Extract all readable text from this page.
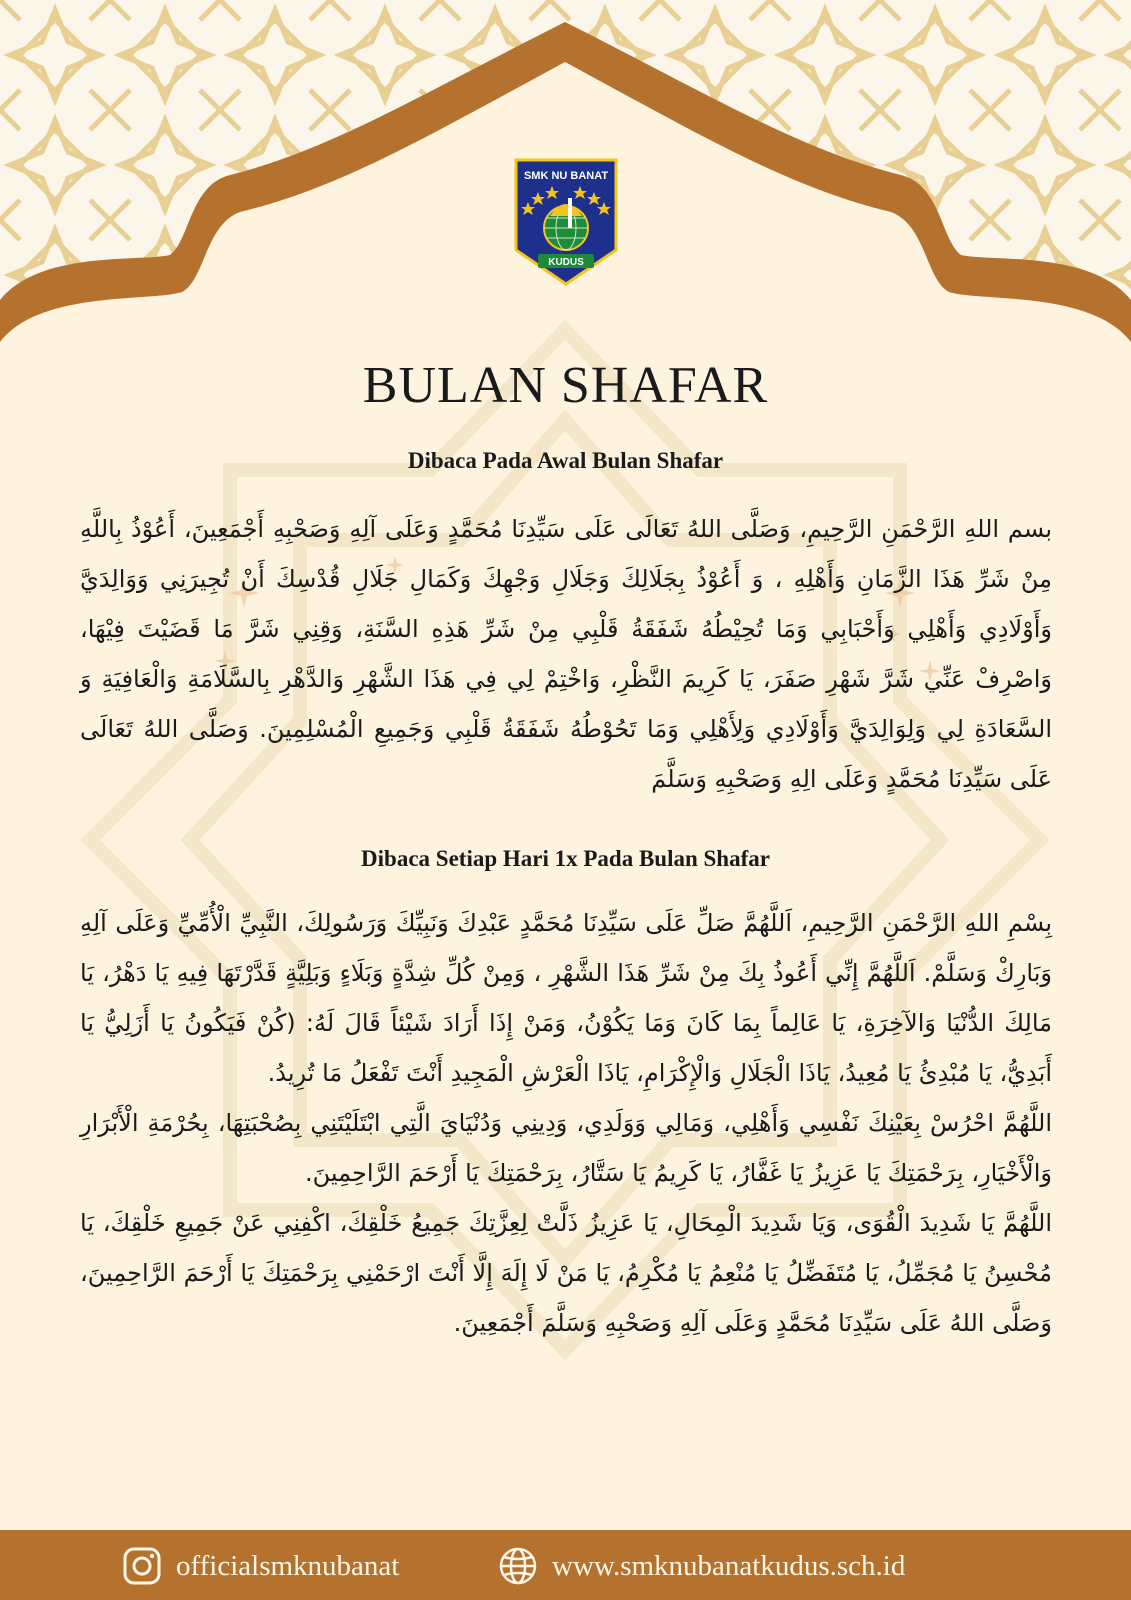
SMK NU BANAT
KUDUS
BULAN SHAFAR
Dibaca Pada Awal Bulan Shafar

بسم اللهِ الرَّحْمَنِ الرَّحِيمِ، وَصَلَّى اللهُ تَعَالَى عَلَى سَيِّدِنَا مُحَمَّدٍ وَعَلَى آلِهِ وَصَحْبِهِ أَجْمَعِينَ، أَعُوْذُ بِاللَّهِ مِنْ شَرِّ هَذَا الزَّمَانِ وَأَهْلِهِ ، وَ أَعُوْذُ بِجَلَالِكَ وَجَلَالِ وَجْهِكَ وَكَمَالِ جَلَالِ قُدْسِكَ أَنْ تُجِيرَنِي وَوَالِدَيَّ وَأَوْلَادِي وَأَهْلِي وَأَحْبَابِي وَمَا تُحِيْطُهُ شَفَقَةُ قَلْبِي مِنْ شَرِّ هَذِهِ السَّنَةِ، وَقِنِي شَرَّ مَا قَضَيْتَ فِيْهَا، وَاصْرِفْ عَنِّي شَرَّ شَهْرِ صَفَرَ، يَا كَرِيمَ النَّظْرِ، وَاخْتِمْ لِي فِي هَذَا الشَّهْرِ وَالدَّهْرِ بِالسَّلَامَةِ وَالْعَافِيَةِ وَ السَّعَادَةِ لِي وَلِوَالِدَيَّ وَأَوْلَادِي وَلِأَهْلِي وَمَا تَحُوْطُهُ شَفَقَةُ قَلْبِي وَجَمِيعِ الْمُسْلِمِينَ. وَصَلَّى اللهُ تَعَالَى عَلَى سَيِّدِنَا مُحَمَّدٍ وَعَلَى الِهِ وَصَحْبِهِ وَسَلَّمَ

Dibaca Setiap Hari 1x Pada Bulan Shafar

بِسْمِ اللهِ الرَّحْمَنِ الرَّحِيمِ، اَللَّهُمَّ صَلِّ عَلَى سَيِّدِنَا مُحَمَّدٍ عَبْدِكَ وَنَبِيِّكَ وَرَسُولِكَ، النَّبِيِّ الْأُمِّيِّ وَعَلَى آلِهِ وَبَارِكْ وَسَلَّمْ. اَللَّهُمَّ إِنِّي أَعُوذُ بِكَ مِنْ شَرِّ هَذَا الشَّهْرِ ، وَمِنْ كُلِّ شِدَّةٍ وَبَلَاءٍ وَبَلِيَّةٍ قَدَّرْتَهَا فِيهِ يَا دَهْرُ، يَا مَالِكَ الدُّنْيَا وَالآخِرَةِ، يَا عَالِماً بِمَا كَانَ وَمَا يَكُوْنُ، وَمَنْ إِذَا أَرَادَ شَيْئاً قَالَ لَهُ: (كُنْ فَيَكُونُ يَا أَزَلِيُّ يَا أَبَدِيُّ، يَا مُبْدِئُ يَا مُعِيدُ، يَاذَا الْجَلَالِ وَالْإِكْرَامِ، يَاذَا الْعَرْشِ الْمَجِيدِ أَنْتَ تَفْعَلُ مَا تُرِيدُ.

اللَّهُمَّ احْرُسْ بِعَيْنِكَ نَفْسِي وَأَهْلِي، وَمَالِي وَوَلَدِي، وَدِينِي وَدُنْيَايَ الَّتِي ابْتَلَيْتَنِي بِصُحْبَتِهَا، بِحُرْمَةِ الْأَبْرَارِ وَالْأَخْيَارِ، بِرَحْمَتِكَ يَا عَزِيزُ يَا غَفَّارُ، يَا كَرِيمُ يَا سَتَّارُ، بِرَحْمَتِكَ يَا أَرْحَمَ الرَّاحِمِينَ.

اللَّهُمَّ يَا شَدِيدَ الْقُوَى، وَيَا شَدِيدَ الْمِحَالِ، يَا عَزِيزُ ذَلَّتْ لِعِزَّتِكَ جَمِيعُ خَلْقِكَ، اكْفِنِي عَنْ جَمِيعِ خَلْقِكَ، يَا مُحْسِنُ يَا مُجَمِّلُ، يَا مُتَفَضِّلُ يَا مُنْعِمُ يَا مُكْرِمُ، يَا مَنْ لَا إِلَهَ إِلَّا أَنْتَ ارْحَمْنِي بِرَحْمَتِكَ يَا أَرْحَمَ الرَّاحِمِينَ، وَصَلَّى اللهُ عَلَى سَيِّدِنَا مُحَمَّدٍ وَعَلَى آلِهِ وَصَحْبِهِ وَسَلَّمَ أَجْمَعِينَ.

officialsmknubanat	www.smknubanatkudus.sch.id
